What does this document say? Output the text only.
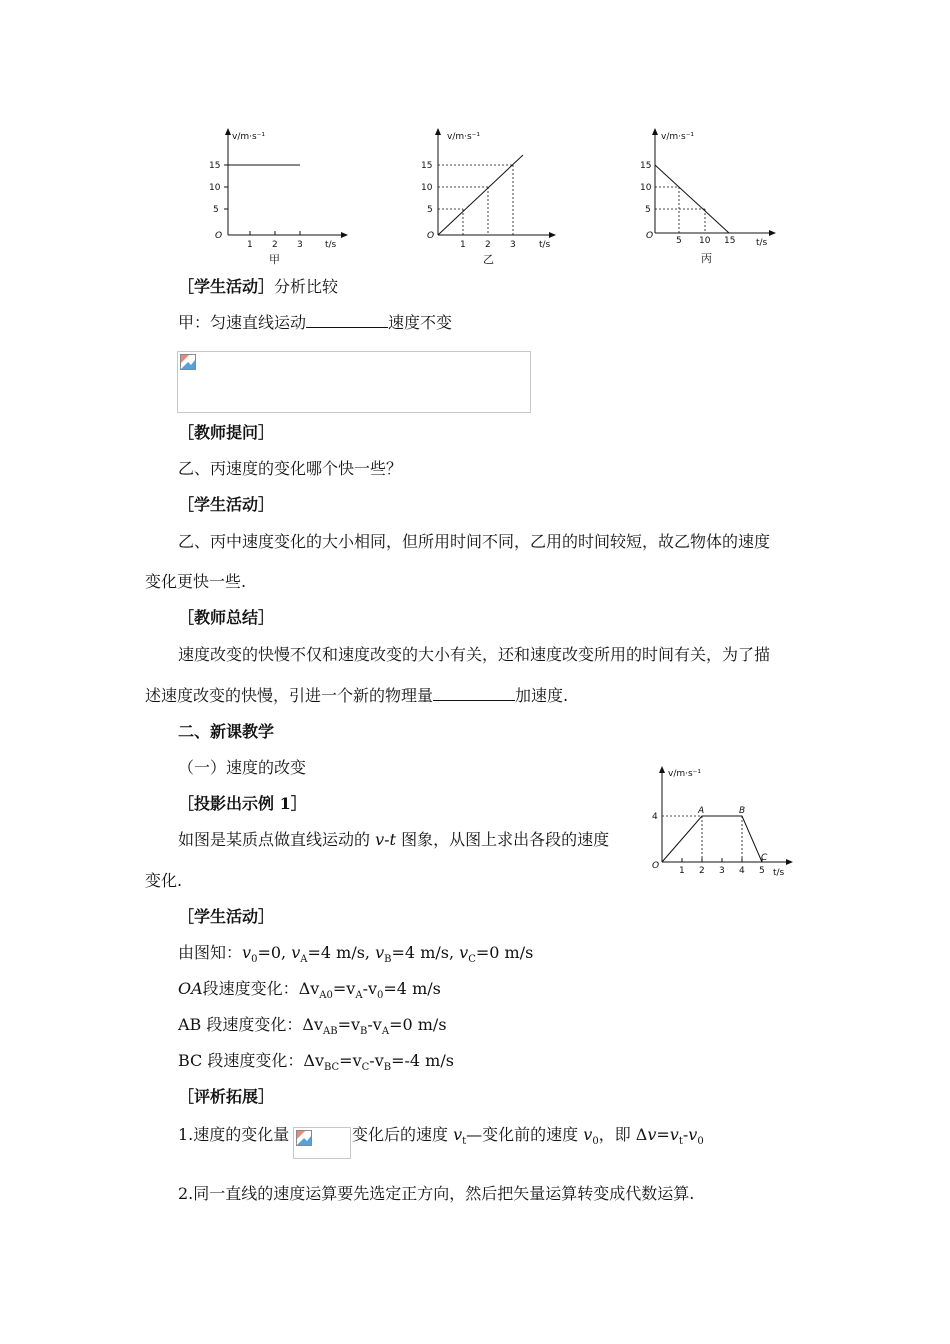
v/m·s⁻¹
t/s
O
5
10
15
1 2 3
甲
v/m·s⁻¹
t/s
O
5
10
15
1 2 3
乙
v/m·s⁻¹
t/s
O
5
10
15
5 10 15
丙
［学生活动］分析比较
甲：匀速直线运动	速度不变
［教师提问］
乙、丙速度的变化哪个快一些？
［学生活动］
乙、丙中速度变化的大小相同，但所用时间不同，乙用的时间较短，故乙物体的速度
变化更快一些.
［教师总结］
速度改变的快慢不仅和速度改变的大小有关，还和速度改变所用的时间有关，为了描
述速度改变的快慢，引进一个新的物理量	加速度.
二、新课教学
（一）速度的改变
［投影出示例 1］
如图是某质点做直线运动的 v-t 图象，从图上求出各段的速度
变化.
v/m·s⁻¹
t/s
O
4
1 2 3 4 5
A	B
C
［学生活动］
由图知：$v_0=0$, $v_A=4$ m/s, $v_B=4$ m/s, $v_C=0$ m/s
OA段速度变化：$\Delta v_{A0}=v_A-v_0=4$ m/s
AB 段速度变化：$\Delta v_{AB}=v_B-v_A=0$ m/s
BC 段速度变化：$\Delta v_{BC}=v_C-v_B=-4$ m/s
［评析拓展］
1.速度的变化量	变化后的速度 $v_t—$变化前的速度 $v_0$，即 $\Delta v=v_t-v_0$
2.同一直线的速度运算要先选定正方向，然后把矢量运算转变成代数运算.
